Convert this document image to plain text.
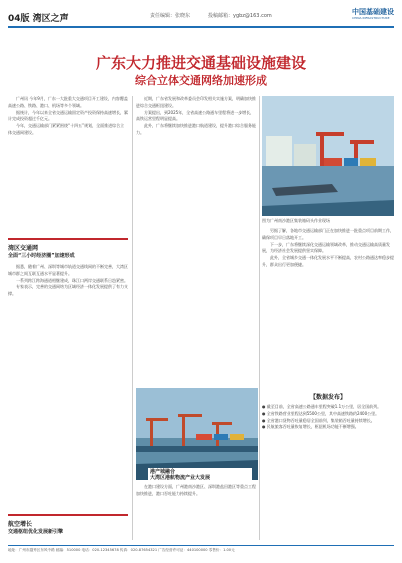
04版 湾区之声	责任编辑：张晓东	投稿邮箱：ygbz@163.com	中国基础建设
CHINA INFRASTRUCTURE
广东大力推进交通基础设施建设
综合立体交通网络加速形成

广州讯 今年9月，广东一大批重大交通项目开工建设，内容覆盖高速公路、铁路、港口、机场等多个领域。

据统计，今年以来全省交通运输固定资产投资保持高速增长，累计完成投资超过千亿元。

今年，交通运输部门紧紧围绕“十四五”规划，全面推进综合立体交通网建设。

湾区交通网
全面“三小时经济圈”加速形成

据悉，随着广州、深圳等城市轨道交通线网的不断完善，大湾区城市群之间互联互通水平显著提升。

一系列跨江跨海通道相继建成，珠江口两岸交通联系日趋紧密。

专家表示，完善的交通网络为区域经济一体化发展提供了有力支撑。

近期，广东省发展和改革委员会印发相关实施方案，明确加快推进综合交通枢纽建设。

方案提出，到2025年，全省高速公路通车里程将进一步增长，高铁运营里程明显提高。

此外，广东将继续加快推进港口航道建设，提升港口综合服务能力。

港产城融合
大湾区港航物流产业大发展

在港口建设方面，广州港南沙港区、深圳港盐田港区等重点工程加快推进，港口吞吐能力持续提升。

航空增长
交通枢纽优化发展新引擎
图为广州南沙港区集装箱码头作业现场

另据了解，各地市交通运输部门正在加快推进一批重点项目前期工作，确保项目早日落地开工。

下一步，广东将继续深化交通运输领域改革，推动交通运输高质量发展，为经济社会发展提供坚实保障。

此外，全省城乡交通一体化发展水平不断提高，农村公路通达率稳步提升，群众出行更加便捷。

【数据发布】

● 截至目前，全省高速公路通车里程突破1.1万公里，居全国前列。

● 全省铁路营业里程达到5500公里，其中高速铁路约2400公里。

● 全省港口货物吞吐量稳居全国前列，集装箱吞吐量持续增长。

● 民航旅客吞吐量恢复增长，枢纽机场功能不断增强。

地址：广州市越秀区东风中路 邮编：510000 电话：020-12345678 传真：020-87654321 广告经营许可证：440100000 零售价：1.00元
